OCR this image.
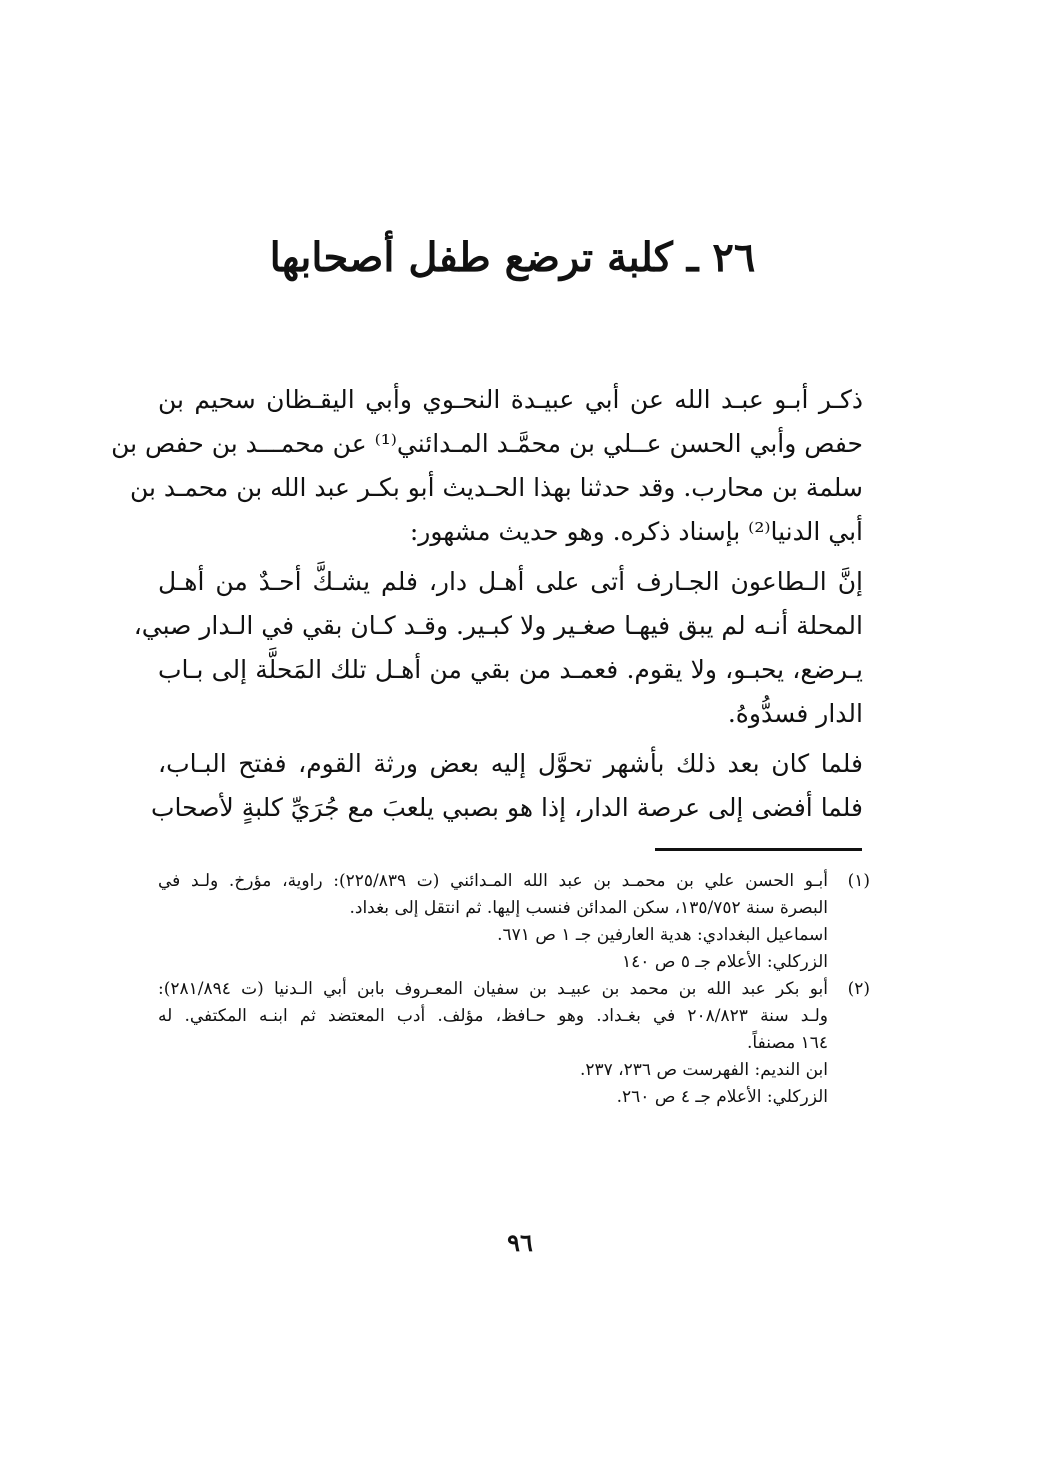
٢٦ ـ كلبة ترضع طفل أصحابها
ذكـر أبـو عبـد الله عن أبي عبيـدة النحـوي وأبي اليقـظان سحيم بن
حفص وأبي الحسن عــلي بن محمَّـد المـدائني⁽¹⁾ عن محمـــد بن حفص بن
سلمة بن محارب. وقد حدثنا بهذا الحـديث أبو بكـر عبد الله بن محمـد بن
أبي الدنيا⁽²⁾ بإسناد ذكره. وهو حديث مشهور:
إنَّ الـطاعون الجـارف أتى على أهـل دار، فلم يشـكَّ أحـدٌ من أهـل
المحلة أنـه لم يبق فيهـا صغـير ولا كبـير. وقـد كـان بقي في الـدار صبي،
يـرضع، يحبـو، ولا يقوم. فعمـد من بقي من أهـل تلك المَحلَّة إلى بـاب
الدار فسدُّوهُ.
فلما كان بعد ذلك بأشهر تحوَّل إليه بعض ورثة القوم، ففتح البـاب،
فلما أفضى إلى عرصة الدار، إذا هو بصبي يلعبَ مع جُرَيِّ كلبةٍ لأصحاب
(١)
أبـو الحسن علي بن محمـد بن عبد الله المـدائني (ت ٢٢٥/٨٣٩): راوية، مؤرخ. ولـد في
البصرة سنة ١٣٥/٧٥٢، سكن المدائن فنسب إليها. ثم انتقل إلى بغداد.
اسماعيل البغدادي: هدية العارفين جـ ١ ص ٦٧١.
الزركلي: الأعلام جـ ٥ ص ١٤٠
(٢)
أبو بكر عبد الله بن محمد بن عبيـد بن سفيان المعـروف بابن أبي الـدنيا (ت ٢٨١/٨٩٤):
ولـد سنة ٢٠٨/٨٢٣ في بغـداد. وهو حـافظ، مؤلف. أدب المعتضد ثم ابنـه المكتفي. له
١٦٤ مصنفاً.
ابن النديم: الفهرست ص ٢٣٦، ٢٣٧.
الزركلي: الأعلام جـ ٤ ص ٢٦٠.
٩٦
